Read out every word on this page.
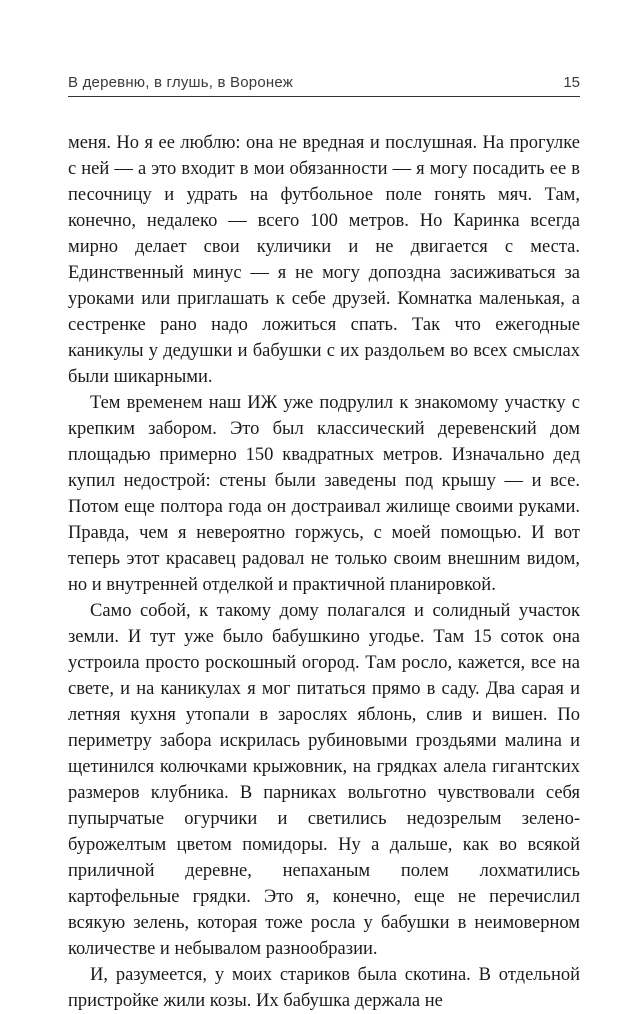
В деревню, в глушь, в Воронеж	15

меня. Но я ее люблю: она не вредная и послушная. На прогулке с ней — а это входит в мои обязанности — я могу посадить ее в песочницу и удрать на футбольное поле гонять мяч. Там, конечно, недалеко — всего 100 метров. Но Каринка всегда мирно делает свои куличики и не двигается с места. Единственный минус — я не могу допоздна засиживаться за уроками или приглашать к себе друзей. Комнатка маленькая, а сестренке рано надо ложиться спать. Так что ежегодные каникулы у дедушки и бабушки с их раздольем во всех смыслах были шикарными.

Тем временем наш ИЖ уже подрулил к знакомому участку с крепким забором. Это был классический деревенский дом площадью примерно 150 квадратных метров. Изначально дед купил недострой: стены были заведены под крышу — и все. Потом еще полтора года он достраивал жилище своими руками. Правда, чем я невероятно горжусь, с моей помощью. И вот теперь этот красавец радовал не только своим внешним видом, но и внутренней отделкой и практичной планировкой.

Само собой, к такому дому полагался и солидный участок земли. И тут уже было бабушкино угодье. Там 15 соток она устроила просто роскошный огород. Там росло, кажется, все на свете, и на каникулах я мог питаться прямо в саду. Два сарая и летняя кухня утопали в зарослях яблонь, слив и вишен. По периметру забора искрилась рубиновыми гроздьями малина и щетинился колючками крыжовник, на грядках алела гигантских размеров клубника. В парниках вольготно чувствовали себя пупырчатые огурчики и светились недозрелым зелено-бурожелтым цветом помидоры. Ну а дальше, как во всякой приличной деревне, непаханым полем лохматились картофельные грядки. Это я, конечно, еще не перечислил всякую зелень, которая тоже росла у бабушки в неимоверном количестве и небывалом разнообразии.

И, разумеется, у моих стариков была скотина. В отдельной пристройке жили козы. Их бабушка держала не
